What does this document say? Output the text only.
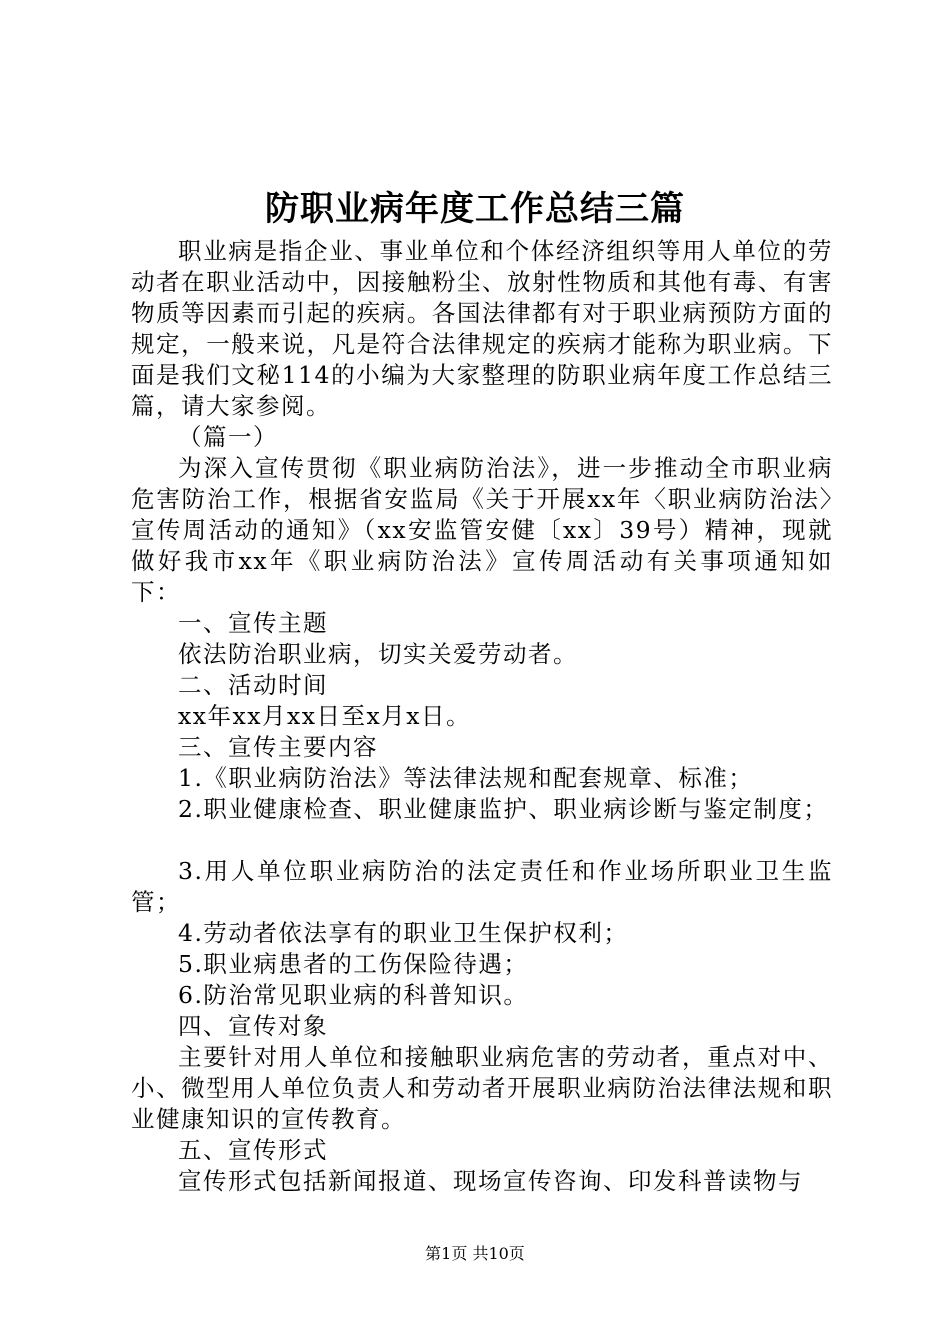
防职业病年度工作总结三篇

职业病是指企业、事业单位和个体经济组织等用人单位的劳动者在职业活动中，因接触粉尘、放射性物质和其他有毒、有害物质等因素而引起的疾病。各国法律都有对于职业病预防方面的规定，一般来说，凡是符合法律规定的疾病才能称为职业病。下面是我们文秘114的小编为大家整理的防职业病年度工作总结三篇，请大家参阅。

（篇一）

为深入宣传贯彻《职业病防治法》，进一步推动全市职业病危害防治工作，根据省安监局《关于开展xx年〈职业病防治法〉宣传周活动的通知》（xx安监管安健〔xx〕39号）精神，现就做好我市xx年《职业病防治法》宣传周活动有关事项通知如下：

一、宣传主题

依法防治职业病，切实关爱劳动者。

二、活动时间

xx年xx月xx日至x月x日。

三、宣传主要内容

1.《职业病防治法》等法律法规和配套规章、标准；

2.职业健康检查、职业健康监护、职业病诊断与鉴定制度；

3.用人单位职业病防治的法定责任和作业场所职业卫生监管；

4.劳动者依法享有的职业卫生保护权利；

5.职业病患者的工伤保险待遇；

6.防治常见职业病的科普知识。

四、宣传对象

主要针对用人单位和接触职业病危害的劳动者，重点对中、小、微型用人单位负责人和劳动者开展职业病防治法律法规和职业健康知识的宣传教育。

五、宣传形式

宣传形式包括新闻报道、现场宣传咨询、印发科普读物与

第1页 共10页
